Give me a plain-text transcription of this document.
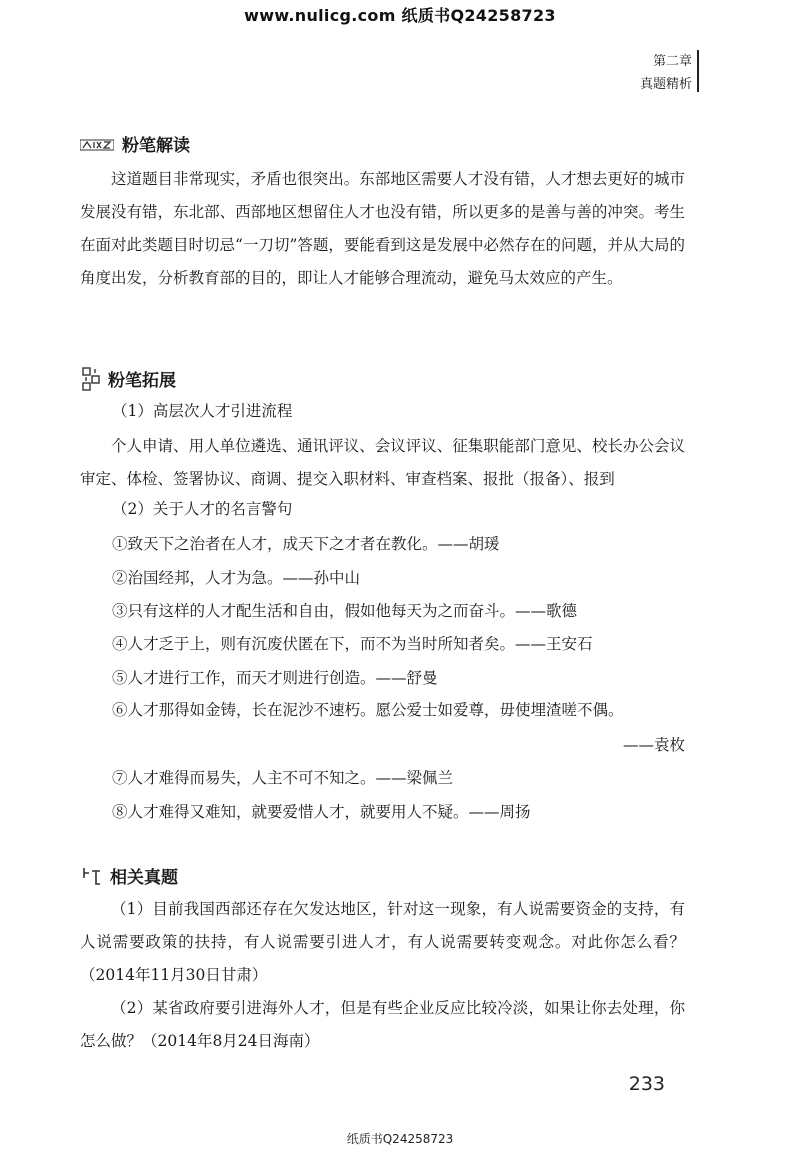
www.nulicg.com 纸质书Q24258723
第二章
真题精析
粉笔解读
这道题目非常现实，矛盾也很突出。东部地区需要人才没有错，人才想去更好的城市发展没有错，东北部、西部地区想留住人才也没有错，所以更多的是善与善的冲突。考生在面对此类题目时切忌“一刀切”答题，要能看到这是发展中必然存在的问题，并从大局的角度出发，分析教育部的目的，即让人才能够合理流动，避免马太效应的产生。
粉笔拓展
（1）高层次人才引进流程
个人申请、用人单位遴选、通讯评议、会议评议、征集职能部门意见、校长办公会议审定、体检、签署协议、商调、提交入职材料、审查档案、报批（报备）、报到
（2）关于人才的名言警句
①致天下之治者在人才，成天下之才者在教化。——胡瑗
②治国经邦，人才为急。——孙中山
③只有这样的人才配生活和自由，假如他每天为之而奋斗。——歌德
④人才乏于上，则有沉废伏匿在下，而不为当时所知者矣。——王安石
⑤人才进行工作，而天才则进行创造。——舒曼
⑥人才那得如金铸，长在泥沙不速朽。愿公爱士如爱尊，毋使埋渣嗟不偶。
——袁枚
⑦人才难得而易失，人主不可不知之。——梁佩兰
⑧人才难得又难知，就要爱惜人才，就要用人不疑。——周扬
相关真题
（1）目前我国西部还存在欠发达地区，针对这一现象，有人说需要资金的支持，有人说需要政策的扶持，有人说需要引进人才，有人说需要转变观念。对此你怎么看？（2014年11月30日甘肃）
（2）某省政府要引进海外人才，但是有些企业反应比较冷淡，如果让你去处理，你怎么做？（2014年8月24日海南）
233
纸质书Q24258723
